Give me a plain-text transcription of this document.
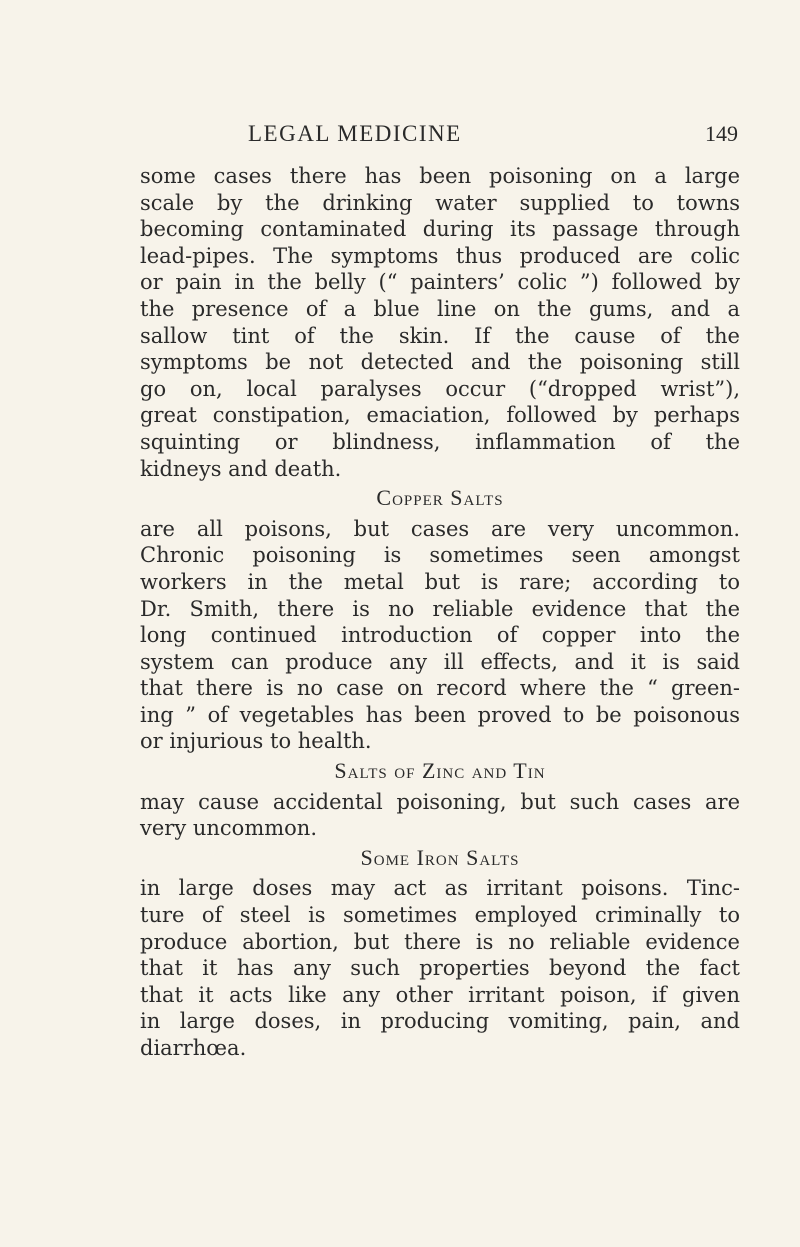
LEGAL MEDICINE	149
some cases there has been poisoning on a large
scale by the drinking water supplied to towns
becoming contaminated during its passage through
lead-pipes. The symptoms thus produced are colic
or pain in the belly (“ painters’ colic ”) followed by
the presence of a blue line on the gums, and a
sallow tint of the skin. If the cause of the
symptoms be not detected and the poisoning still
go on, local paralyses occur (“dropped wrist”),
great constipation, emaciation, followed by perhaps
squinting or blindness, inflammation of the
kidneys and death.
Copper Salts
are all poisons, but cases are very uncommon.
Chronic poisoning is sometimes seen amongst
workers in the metal but is rare; according to
Dr. Smith, there is no reliable evidence that the
long continued introduction of copper into the
system can produce any ill effects, and it is said
that there is no case on record where the “ green-
ing ” of vegetables has been proved to be poisonous
or injurious to health.
Salts of Zinc and Tin
may cause accidental poisoning, but such cases are
very uncommon.
Some Iron Salts
in large doses may act as irritant poisons. Tinc-
ture of steel is sometimes employed criminally to
produce abortion, but there is no reliable evidence
that it has any such properties beyond the fact
that it acts like any other irritant poison, if given
in large doses, in producing vomiting, pain, and
diarrhœa.
